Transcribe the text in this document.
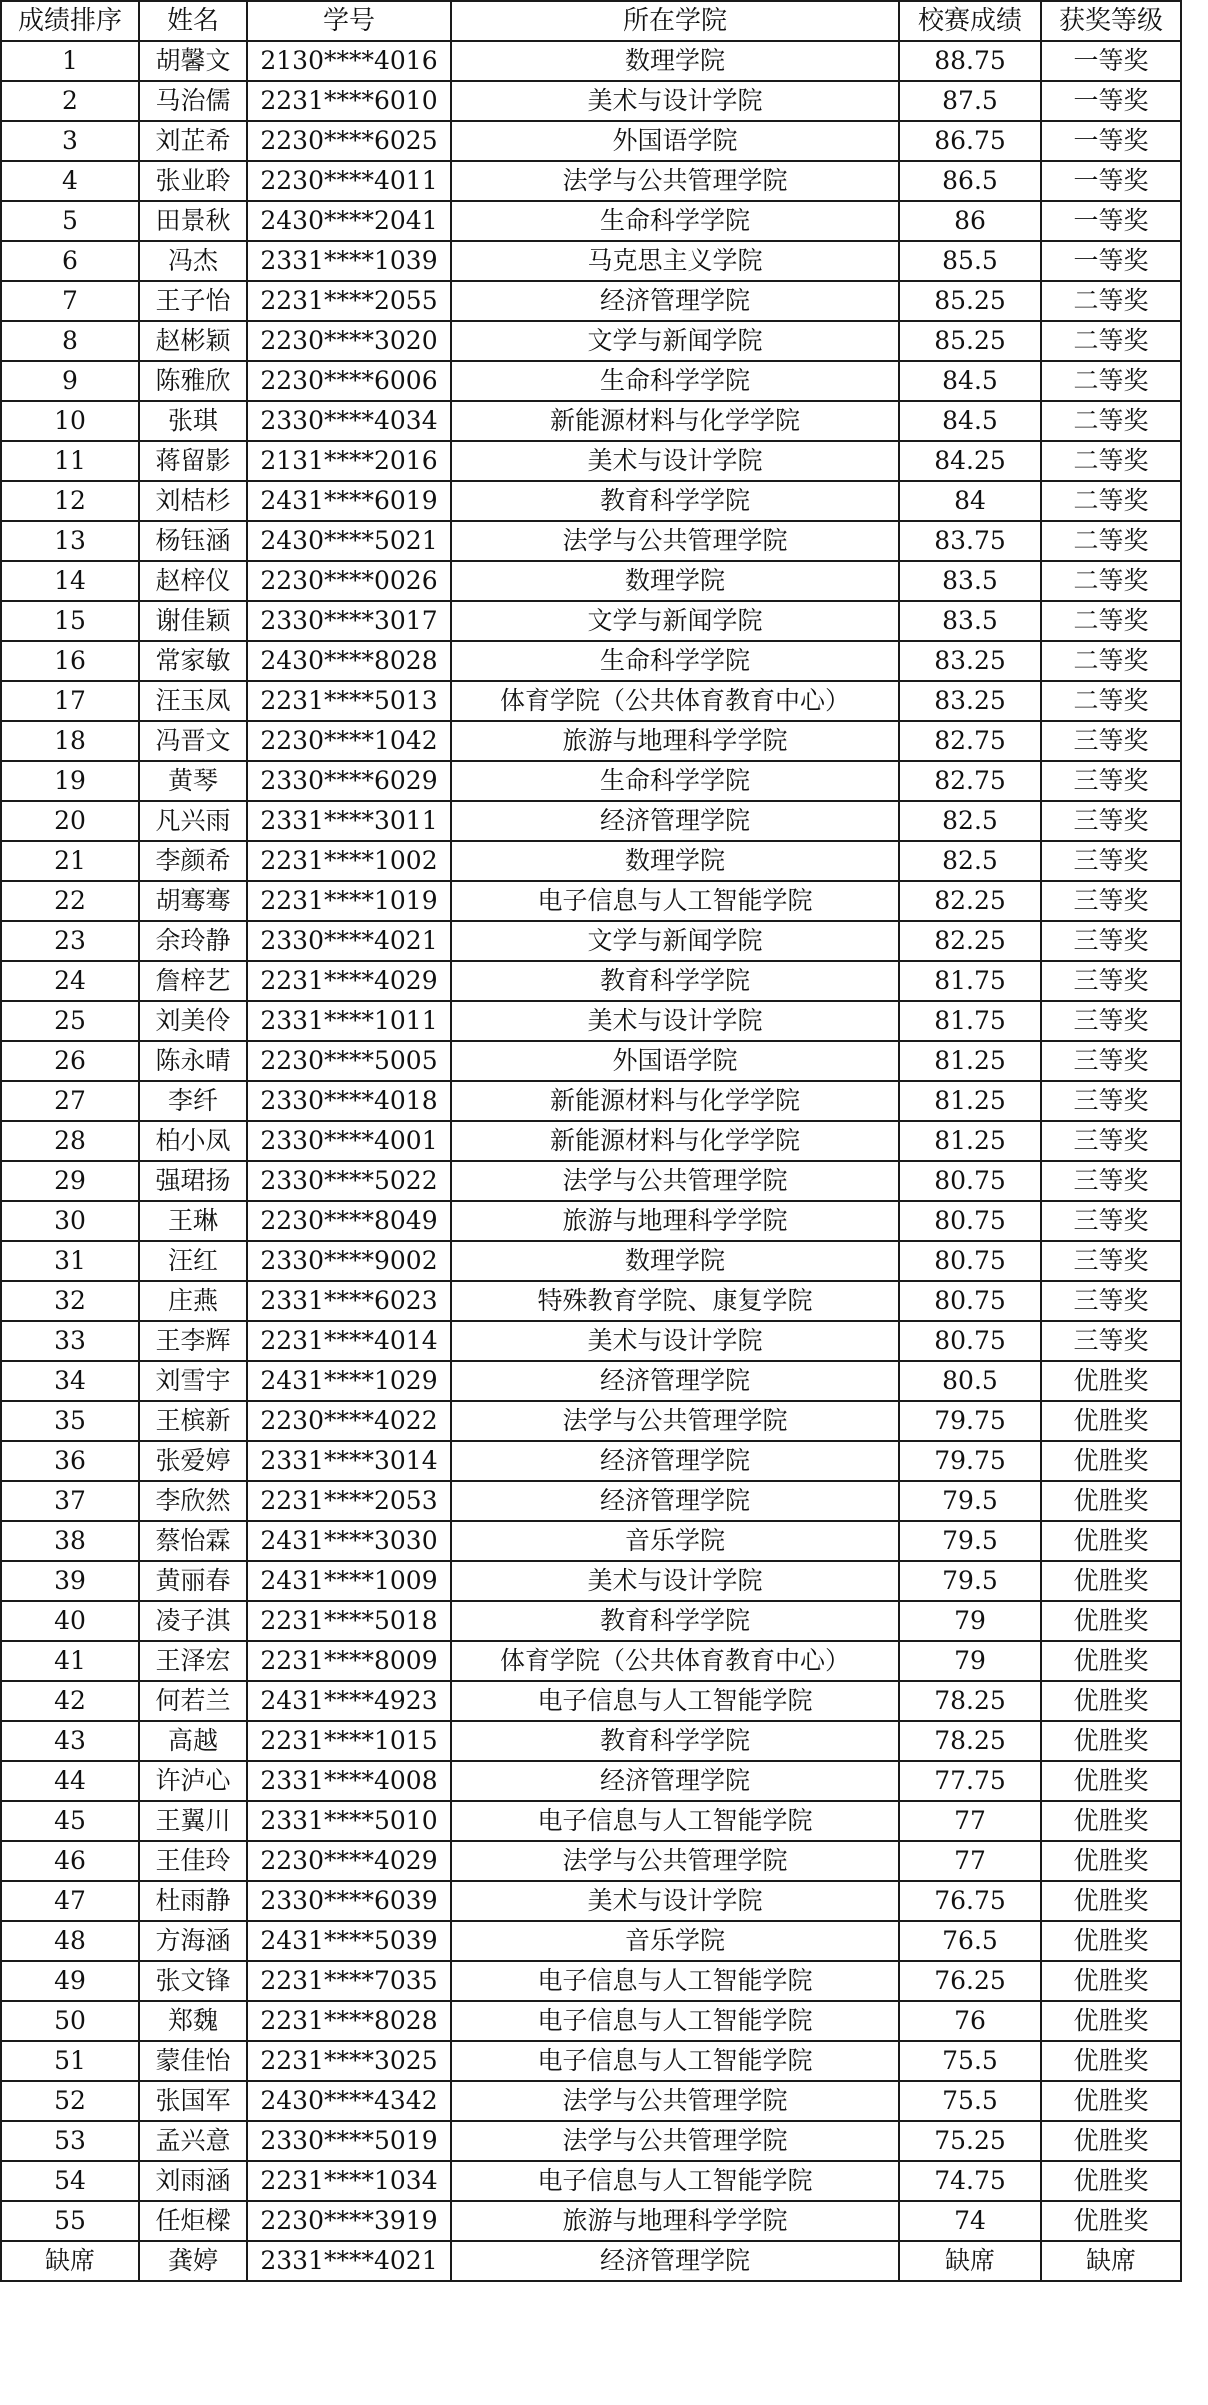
成绩排序	姓名	学号	所在学院	校赛成绩	获奖等级
1	胡馨文	2130****4016	数理学院	88.75	一等奖
2	马治儒	2231****6010	美术与设计学院	87.5	一等奖
3	刘芷希	2230****6025	外国语学院	86.75	一等奖
4	张业聆	2230****4011	法学与公共管理学院	86.5	一等奖
5	田景秋	2430****2041	生命科学学院	86	一等奖
6	冯杰	2331****1039	马克思主义学院	85.5	一等奖
7	王子怡	2231****2055	经济管理学院	85.25	二等奖
8	赵彬颖	2230****3020	文学与新闻学院	85.25	二等奖
9	陈雅欣	2230****6006	生命科学学院	84.5	二等奖
10	张琪	2330****4034	新能源材料与化学学院	84.5	二等奖
11	蒋留影	2131****2016	美术与设计学院	84.25	二等奖
12	刘桔杉	2431****6019	教育科学学院	84	二等奖
13	杨钰涵	2430****5021	法学与公共管理学院	83.75	二等奖
14	赵梓仪	2230****0026	数理学院	83.5	二等奖
15	谢佳颖	2330****3017	文学与新闻学院	83.5	二等奖
16	常家敏	2430****8028	生命科学学院	83.25	二等奖
17	汪玉凤	2231****5013	体育学院（公共体育教育中心）	83.25	二等奖
18	冯晋文	2230****1042	旅游与地理科学学院	82.75	三等奖
19	黄琴	2330****6029	生命科学学院	82.75	三等奖
20	凡兴雨	2331****3011	经济管理学院	82.5	三等奖
21	李颜希	2231****1002	数理学院	82.5	三等奖
22	胡骞骞	2231****1019	电子信息与人工智能学院	82.25	三等奖
23	余玲静	2330****4021	文学与新闻学院	82.25	三等奖
24	詹梓艺	2231****4029	教育科学学院	81.75	三等奖
25	刘美伶	2331****1011	美术与设计学院	81.75	三等奖
26	陈永晴	2230****5005	外国语学院	81.25	三等奖
27	李纤	2330****4018	新能源材料与化学学院	81.25	三等奖
28	柏小凤	2330****4001	新能源材料与化学学院	81.25	三等奖
29	强珺扬	2330****5022	法学与公共管理学院	80.75	三等奖
30	王琳	2230****8049	旅游与地理科学学院	80.75	三等奖
31	汪红	2330****9002	数理学院	80.75	三等奖
32	庄燕	2331****6023	特殊教育学院、康复学院	80.75	三等奖
33	王李辉	2231****4014	美术与设计学院	80.75	三等奖
34	刘雪宇	2431****1029	经济管理学院	80.5	优胜奖
35	王槟新	2230****4022	法学与公共管理学院	79.75	优胜奖
36	张爱婷	2331****3014	经济管理学院	79.75	优胜奖
37	李欣然	2231****2053	经济管理学院	79.5	优胜奖
38	蔡怡霖	2431****3030	音乐学院	79.5	优胜奖
39	黄丽春	2431****1009	美术与设计学院	79.5	优胜奖
40	凌子淇	2231****5018	教育科学学院	79	优胜奖
41	王泽宏	2231****8009	体育学院（公共体育教育中心）	79	优胜奖
42	何若兰	2431****4923	电子信息与人工智能学院	78.25	优胜奖
43	高越	2231****1015	教育科学学院	78.25	优胜奖
44	许泸心	2331****4008	经济管理学院	77.75	优胜奖
45	王翼川	2331****5010	电子信息与人工智能学院	77	优胜奖
46	王佳玲	2230****4029	法学与公共管理学院	77	优胜奖
47	杜雨静	2330****6039	美术与设计学院	76.75	优胜奖
48	方海涵	2431****5039	音乐学院	76.5	优胜奖
49	张文锋	2231****7035	电子信息与人工智能学院	76.25	优胜奖
50	郑魏	2231****8028	电子信息与人工智能学院	76	优胜奖
51	蒙佳怡	2231****3025	电子信息与人工智能学院	75.5	优胜奖
52	张国军	2430****4342	法学与公共管理学院	75.5	优胜奖
53	孟兴意	2330****5019	法学与公共管理学院	75.25	优胜奖
54	刘雨涵	2231****1034	电子信息与人工智能学院	74.75	优胜奖
55	任炬樑	2230****3919	旅游与地理科学学院	74	优胜奖
缺席	龚婷	2331****4021	经济管理学院	缺席	缺席
